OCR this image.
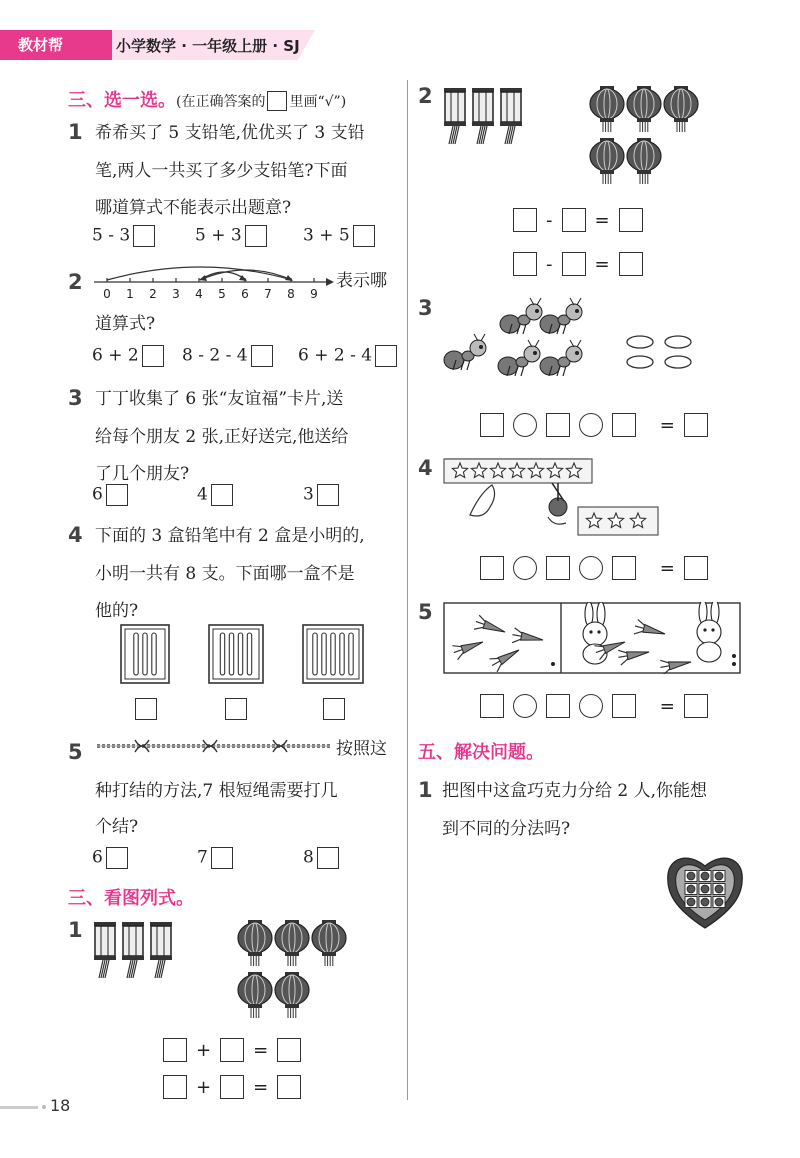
教材帮	小学数学 · 一年级上册 · SJ
三、选一选。(在正确答案的 里画“√”)
1 希希买了 5 支铅笔,优优买了 3 支铅
笔,两人一共买了多少支铅笔?下面
哪道算式不能表示出题意?
5 - 3	5 + 3	3 + 5
2 0 1 2 3 4 5 6 7 8 9
表示哪
道算式?
6 + 2	8 - 2 - 4	6 + 2 - 4
3 丁丁收集了 6 张“友谊福”卡片,送
给每个朋友 2 张,正好送完,他送给
了几个朋友?
6	4	3
4 下面的 3 盒铅笔中有 2 盒是小明的,
小明一共有 8 支。下面哪一盒不是
他的?
5	按照这
种打结的方法,7 根短绳需要打几
个结?
6	7	8
三、看图列式。
1
+ =
+ =
2
- =
- =
3

=
4

=
5

=
五、解决问题。
1 把图中这盒巧克力分给 2 人,你能想
到不同的分法吗?
18
